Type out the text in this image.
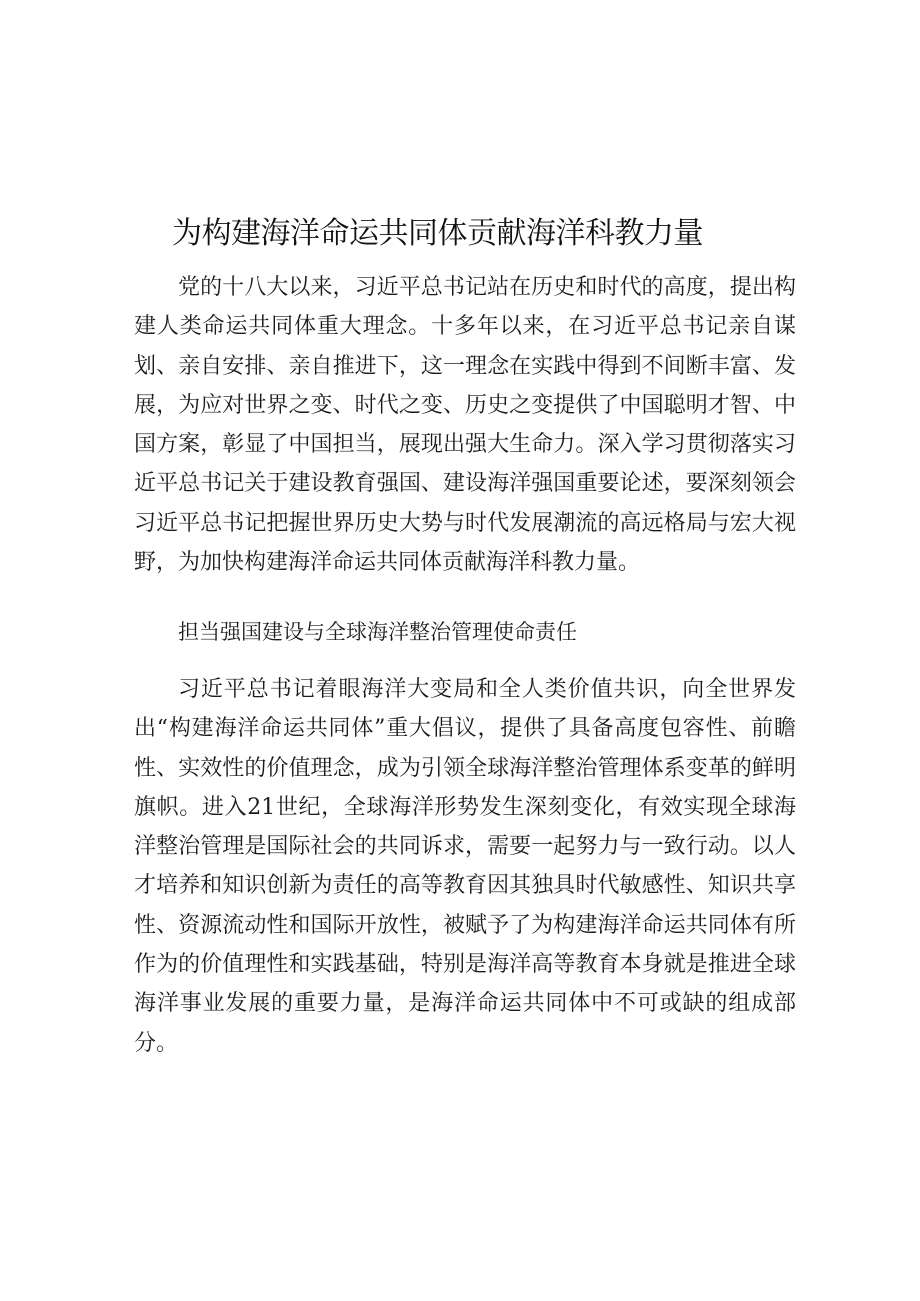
为构建海洋命运共同体贡献海洋科教力量

党的十八大以来，习近平总书记站在历史和时代的高度，提出构建人类命运共同体重大理念。十多年以来，在习近平总书记亲自谋划、亲自安排、亲自推进下，这一理念在实践中得到不间断丰富、发展，为应对世界之变、时代之变、历史之变提供了中国聪明才智、中国方案，彰显了中国担当，展现出强大生命力。深入学习贯彻落实习近平总书记关于建设教育强国、建设海洋强国重要论述，要深刻领会习近平总书记把握世界历史大势与时代发展潮流的高远格局与宏大视野，为加快构建海洋命运共同体贡献海洋科教力量。

担当强国建设与全球海洋整治管理使命责任

习近平总书记着眼海洋大变局和全人类价值共识，向全世界发出“构建海洋命运共同体”重大倡议，提供了具备高度包容性、前瞻性、实效性的价值理念，成为引领全球海洋整治管理体系变革的鲜明旗帜。进入21世纪，全球海洋形势发生深刻变化，有效实现全球海洋整治管理是国际社会的共同诉求，需要一起努力与一致行动。以人才培养和知识创新为责任的高等教育因其独具时代敏感性、知识共享性、资源流动性和国际开放性，被赋予了为构建海洋命运共同体有所作为的价值理性和实践基础，特别是海洋高等教育本身就是推进全球海洋事业发展的重要力量，是海洋命运共同体中不可或缺的组成部分。
